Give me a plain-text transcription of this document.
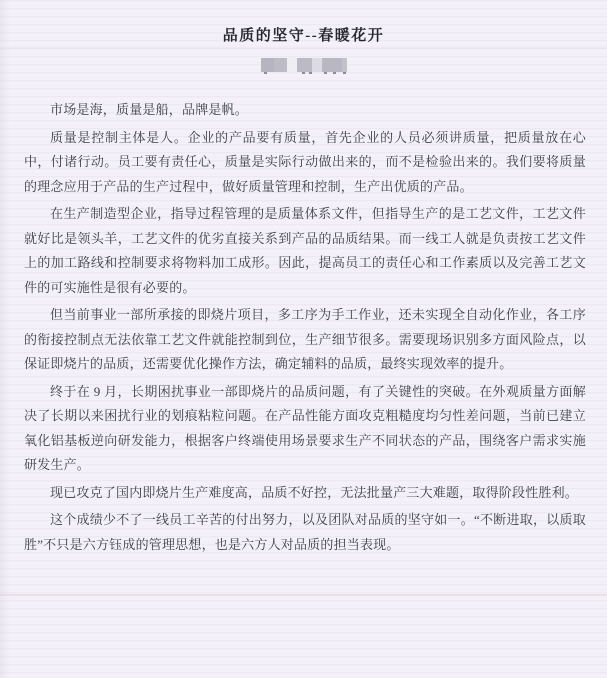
品质的坚守--春暖花开

市场是海，质量是船，品牌是帆。

质量是控制主体是人。企业的产品要有质量，首先企业的人员必须讲质量，把质量放在心中，付诸行动。员工要有责任心，质量是实际行动做出来的，而不是检验出来的。我们要将质量的理念应用于产品的生产过程中，做好质量管理和控制，生产出优质的产品。

在生产制造型企业，指导过程管理的是质量体系文件，但指导生产的是工艺文件，工艺文件就好比是领头羊，工艺文件的优劣直接关系到产品的品质结果。而一线工人就是负责按工艺文件上的加工路线和控制要求将物料加工成形。因此，提高员工的责任心和工作素质以及完善工艺文件的可实施性是很有必要的。

但当前事业一部所承接的即烧片项目，多工序为手工作业，还未实现全自动化作业，各工序的衔接控制点无法依靠工艺文件就能控制到位，生产细节很多。需要现场识别多方面风险点，以保证即烧片的品质，还需要优化操作方法，确定辅料的品质，最终实现效率的提升。

终于在 9 月，长期困扰事业一部即烧片的品质问题，有了关键性的突破。在外观质量方面解决了长期以来困扰行业的划痕粘粒问题。在产品性能方面攻克粗糙度均匀性差问题，当前已建立氧化铝基板逆向研发能力，根据客户终端使用场景要求生产不同状态的产品，围绕客户需求实施研发生产。

现已攻克了国内即烧片生产难度高，品质不好控，无法批量产三大难题，取得阶段性胜利。

这个成绩少不了一线员工辛苦的付出努力，以及团队对品质的坚守如一。“不断进取，以质取胜”不只是六方钰成的管理思想，也是六方人对品质的担当表现。
